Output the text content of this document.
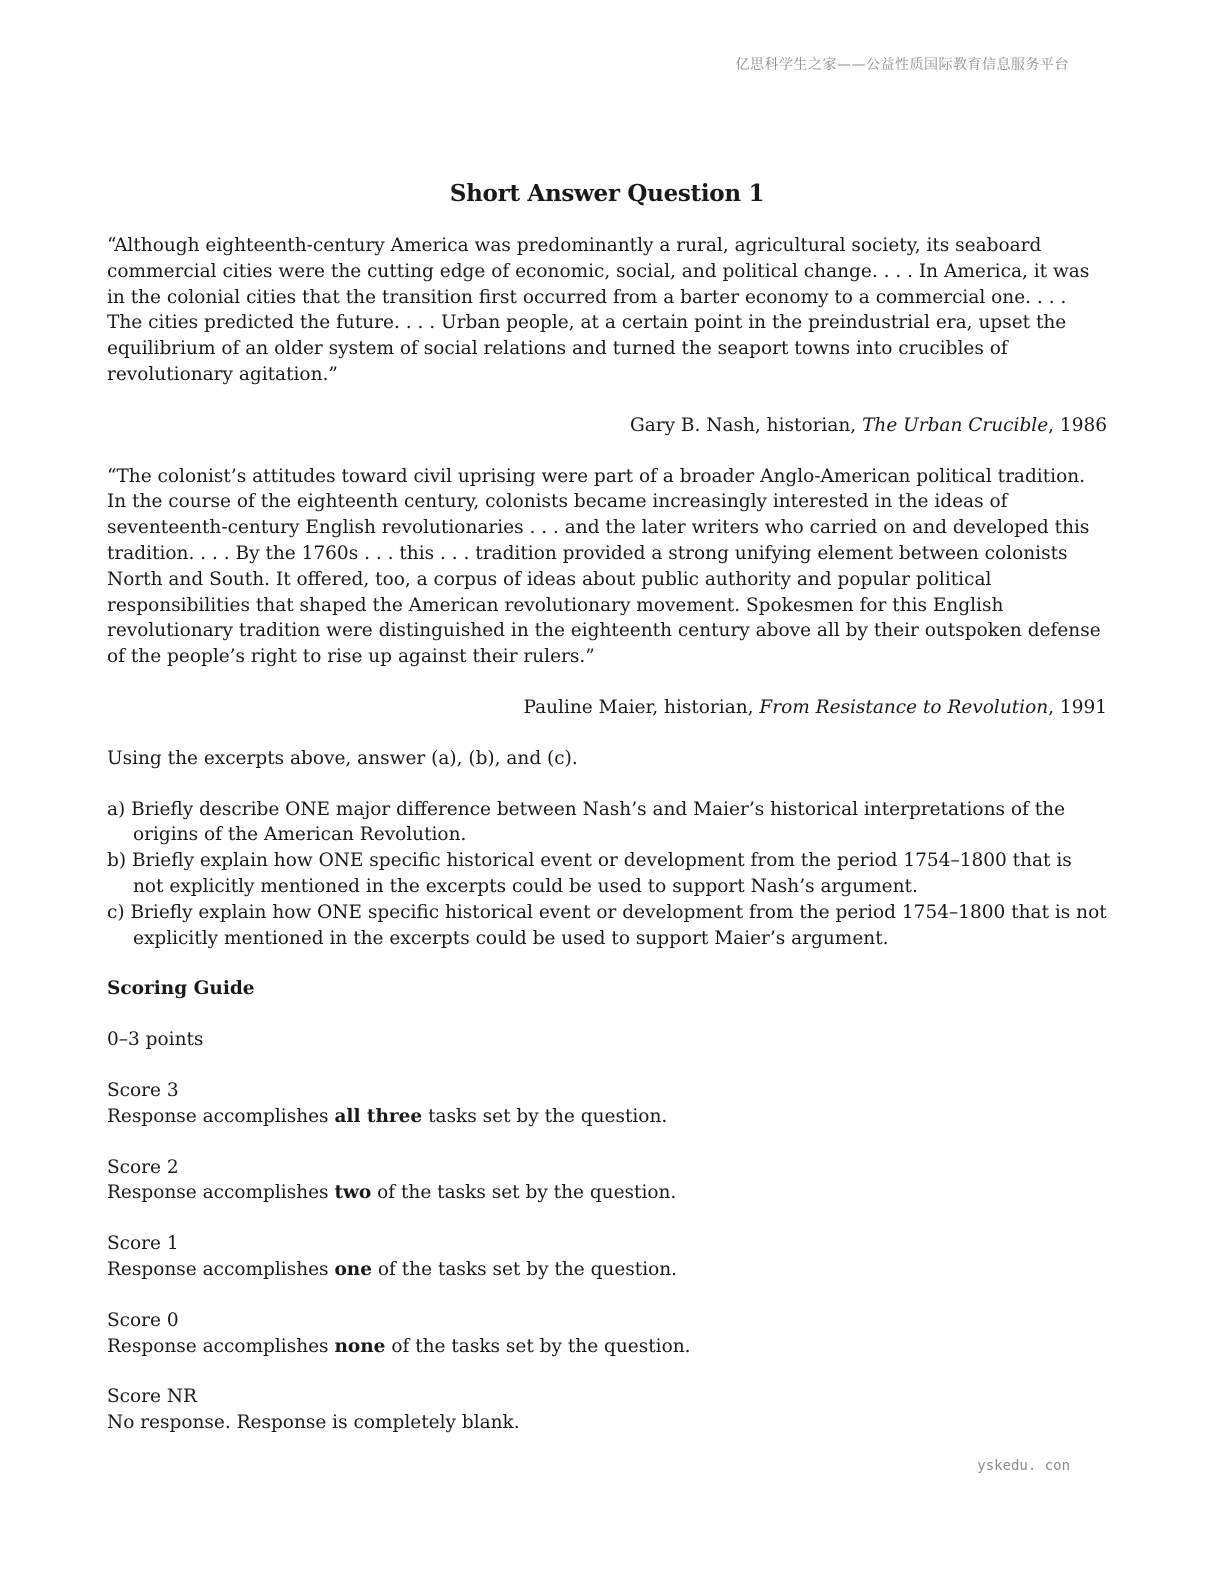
亿思科学生之家——公益性质国际教育信息服务平台
Short Answer Question 1

“Although eighteenth-century America was predominantly a rural, agricultural society, its seaboard commercial cities were the cutting edge of economic, social, and political change. . . . In America, it was in the colonial cities that the transition first occurred from a barter economy to a commercial one. . . . The cities predicted the future. . . . Urban people, at a certain point in the preindustrial era, upset the equilibrium of an older system of social relations and turned the seaport towns into crucibles of revolutionary agitation.”

Gary B. Nash, historian, The Urban Crucible, 1986

“The colonist’s attitudes toward civil uprising were part of a broader Anglo-American political tradition. In the course of the eighteenth century, colonists became increasingly interested in the ideas of seventeenth-century English revolutionaries . . . and the later writers who carried on and developed this tradition. . . . By the 1760s . . . this . . . tradition provided a strong unifying element between colonists North and South. It offered, too, a corpus of ideas about public authority and popular political responsibilities that shaped the American revolutionary movement. Spokesmen for this English revolutionary tradition were distinguished in the eighteenth century above all by their outspoken defense of the people’s right to rise up against their rulers.”

Pauline Maier, historian, From Resistance to Revolution, 1991

Using the excerpts above, answer (a), (b), and (c).

a) Briefly describe ONE major difference between Nash’s and Maier’s historical interpretations of the origins of the American Revolution.
b) Briefly explain how ONE specific historical event or development from the period 1754–1800 that is not explicitly mentioned in the excerpts could be used to support Nash’s argument.
c) Briefly explain how ONE specific historical event or development from the period 1754–1800 that is not explicitly mentioned in the excerpts could be used to support Maier’s argument.

Scoring Guide

0–3 points

Score 3

Response accomplishes all three tasks set by the question.

Score 2

Response accomplishes two of the tasks set by the question.

Score 1

Response accomplishes one of the tasks set by the question.

Score 0

Response accomplishes none of the tasks set by the question.

Score NR

No response. Response is completely blank.

yskedu. con
